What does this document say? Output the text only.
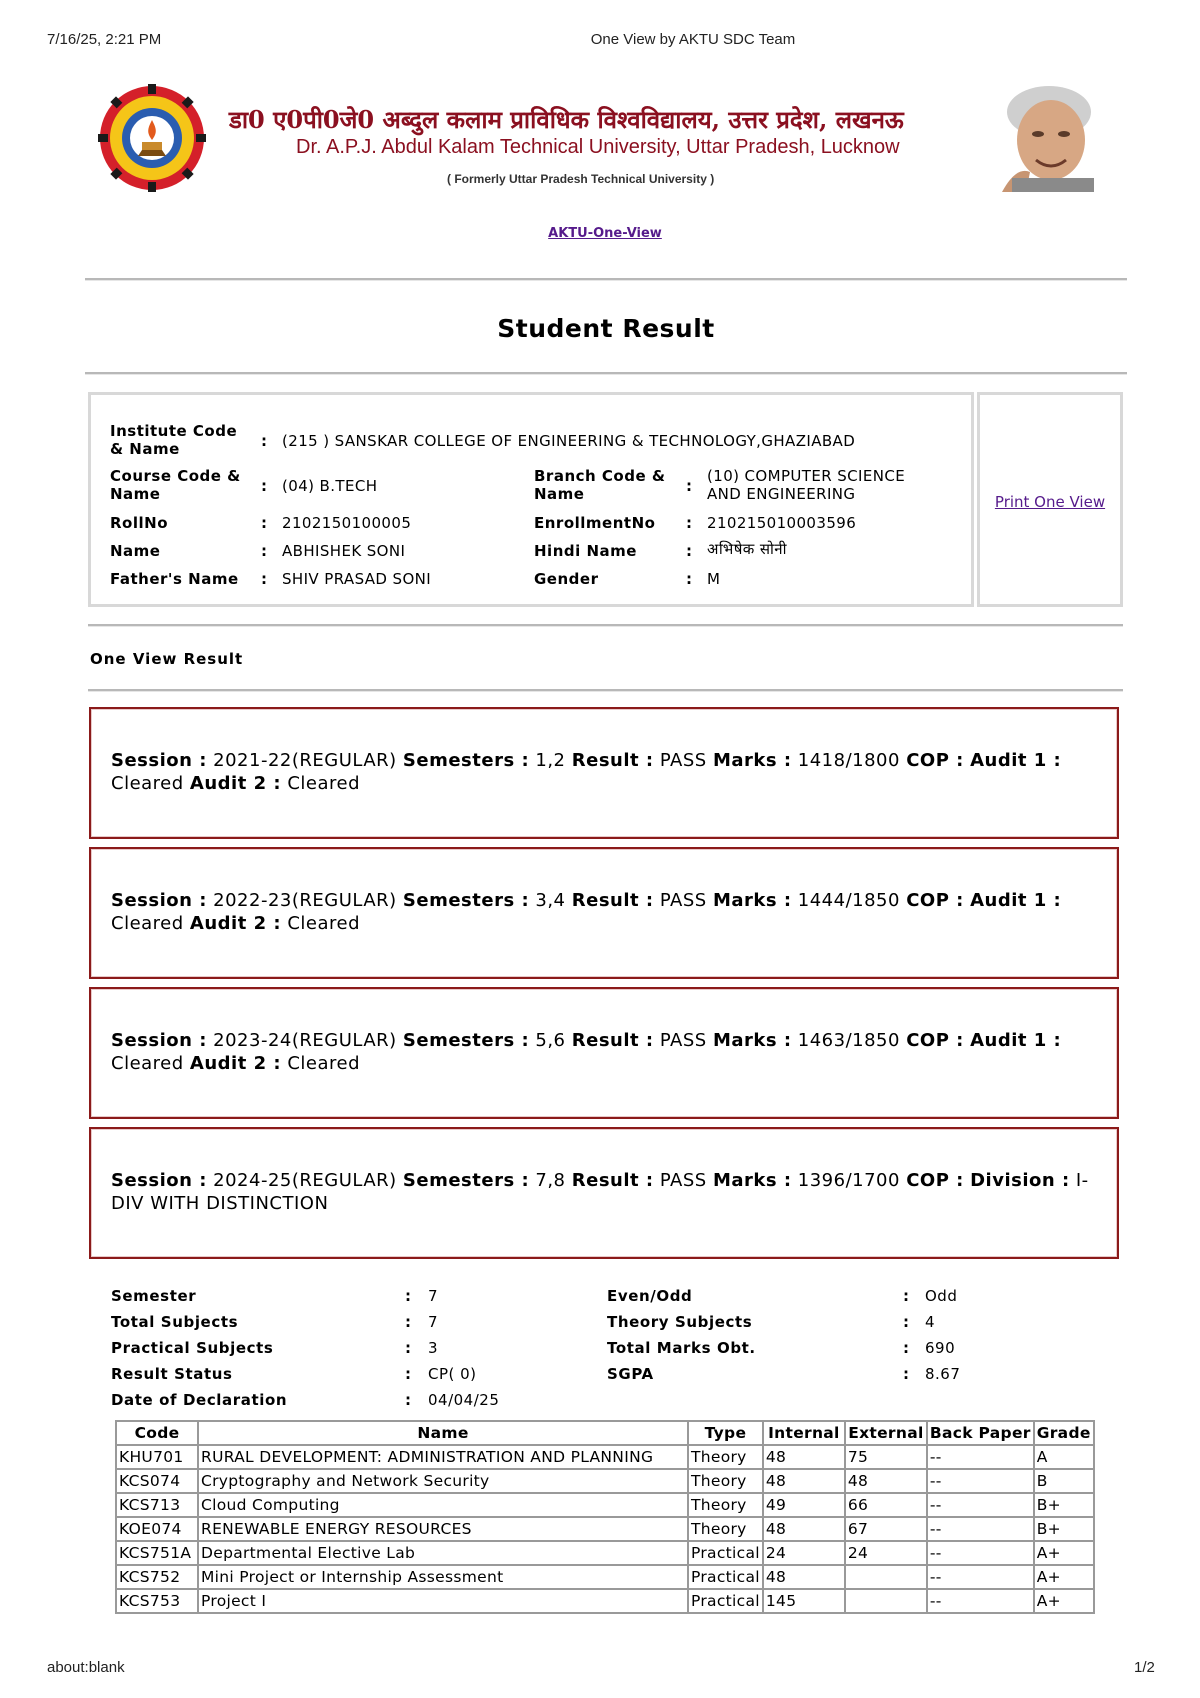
7/16/25, 2:21 PM	One View by AKTU SDC Team
डा0 ए0पी0जे0 अब्दुल कलाम प्राविधिक विश्वविद्यालय, उत्तर प्रदेश, लखनऊ
Dr. A.P.J. Abdul Kalam Technical University, Uttar Pradesh, Lucknow
( Formerly Uttar Pradesh Technical University )
AKTU-One-View
Student Result
Institute Code & Name	: (215 ) SANSKAR COLLEGE OF ENGINEERING & TECHNOLOGY,GHAZIABAD
Course Code & Name	: (04) B.TECH
Branch Code & Name	:
(10) COMPUTER SCIENCE AND ENGINEERING
RollNo	: 2102150100005	EnrollmentNo : 210215010003596
Name	: ABHISHEK SONI	Hindi Name	: अभिषेक सोनी
Father's Name : SHIV PRASAD SONI	Gender	: M
Print One View
One View Result
Session : 2021-22(REGULAR) Semesters : 1,2 Result : PASS Marks : 1418/1800 COP : Audit 1 : Cleared Audit 2 : Cleared
Session : 2022-23(REGULAR) Semesters : 3,4 Result : PASS Marks : 1444/1850 COP : Audit 1 : Cleared Audit 2 : Cleared
Session : 2023-24(REGULAR) Semesters : 5,6 Result : PASS Marks : 1463/1850 COP : Audit 1 : Cleared Audit 2 : Cleared
Session : 2024-25(REGULAR) Semesters : 7,8 Result : PASS Marks : 1396/1700 COP : Division : I-DIV WITH DISTINCTION
Semester	: 7	Even/Odd	: Odd
Total Subjects	: 7	Theory Subjects	: 4
Practical Subjects	: 3	Total Marks Obt.	: 690
Result Status	: CP( 0)	SGPA	: 8.67
Date of Declaration	: 04/04/25
Code	Name	Type	Internal	External	Back Paper	Grade
KHU701	RURAL DEVELOPMENT: ADMINISTRATION AND PLANNING	Theory	48	75	--	A
KCS074	Cryptography and Network Security	Theory	48	48	--	B
KCS713	Cloud Computing	Theory	49	66	--	B+
KOE074	RENEWABLE ENERGY RESOURCES	Theory	48	67	--	B+
KCS751A	Departmental Elective Lab	Practical	24	24	--	A+
KCS752	Mini Project or Internship Assessment	Practical	48		--	A+
KCS753	Project I	Practical	145		--	A+
about:blank	1/2
